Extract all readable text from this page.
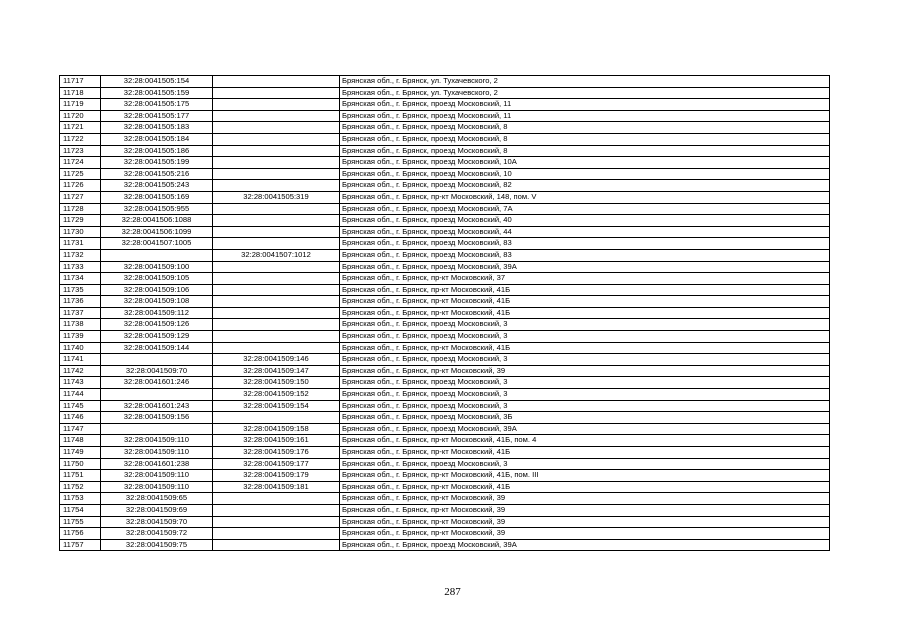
11717	32:28:0041505:154		Брянская обл., г. Брянск, ул. Тухачевского, 2
11718	32:28:0041505:159		Брянская обл., г. Брянск, ул. Тухачевского, 2
11719	32:28:0041505:175		Брянская обл., г. Брянск, проезд Московский, 11
11720	32:28:0041505:177		Брянская обл., г. Брянск, проезд Московский, 11
11721	32:28:0041505:183		Брянская обл., г. Брянск, проезд Московский, 8
11722	32:28:0041505:184		Брянская обл., г. Брянск, проезд Московский, 8
11723	32:28:0041505:186		Брянская обл., г. Брянск, проезд Московский, 8
11724	32:28:0041505:199		Брянская обл., г. Брянск, проезд Московский, 10А
11725	32:28:0041505:216		Брянская обл., г. Брянск, проезд Московский, 10
11726	32:28:0041505:243		Брянская обл., г. Брянск, проезд Московский, 82
11727	32:28:0041505:169	32:28:0041505:319	Брянская обл., г. Брянск, пр-кт Московский, 148, пом. V
11728	32:28:0041505:955		Брянская обл., г. Брянск, проезд Московский, 7А
11729	32:28:0041506:1088		Брянская обл., г. Брянск, проезд Московский, 40
11730	32:28:0041506:1099		Брянская обл., г. Брянск, проезд Московский, 44
11731	32:28:0041507:1005		Брянская обл., г. Брянск, проезд Московский, 83
11732		32:28:0041507:1012	Брянская обл., г. Брянск, проезд Московский, 83
11733	32:28:0041509:100		Брянская обл., г. Брянск, проезд Московский, 39А
11734	32:28:0041509:105		Брянская обл., г. Брянск, пр-кт Московский, 37
11735	32:28:0041509:106		Брянская обл., г. Брянск, пр-кт Московский, 41Б
11736	32:28:0041509:108		Брянская обл., г. Брянск, пр-кт Московский, 41Б
11737	32:28:0041509:112		Брянская обл., г. Брянск, пр-кт Московский, 41Б
11738	32:28:0041509:126		Брянская обл., г. Брянск, проезд Московский, 3
11739	32:28:0041509:129		Брянская обл., г. Брянск, проезд Московский, 3
11740	32:28:0041509:144		Брянская обл., г. Брянск, пр-кт Московский, 41Б
11741		32:28:0041509:146	Брянская обл., г. Брянск, проезд Московский, 3
11742	32:28:0041509:70	32:28:0041509:147	Брянская обл., г. Брянск, пр-кт Московский, 39
11743	32:28:0041601:246	32:28:0041509:150	Брянская обл., г. Брянск, проезд Московский, 3
11744		32:28:0041509:152	Брянская обл., г. Брянск, проезд Московский, 3
11745	32:28:0041601:243	32:28:0041509:154	Брянская обл., г. Брянск, проезд Московский, 3
11746	32:28:0041509:156		Брянская обл., г. Брянск, проезд Московский, 3Б
11747		32:28:0041509:158	Брянская обл., г. Брянск, проезд Московский, 39А
11748	32:28:0041509:110	32:28:0041509:161	Брянская обл., г. Брянск, пр-кт Московский, 41Б, пом. 4
11749	32:28:0041509:110	32:28:0041509:176	Брянская обл., г. Брянск, пр-кт Московский, 41Б
11750	32:28:0041601:238	32:28:0041509:177	Брянская обл., г. Брянск, проезд Московский, 3
11751	32:28:0041509:110	32:28:0041509:179	Брянская обл., г. Брянск, пр-кт Московский, 41Б, пом. III
11752	32:28:0041509:110	32:28:0041509:181	Брянская обл., г. Брянск, пр-кт Московский, 41Б
11753	32:28:0041509:65		Брянская обл., г. Брянск, пр-кт Московский, 39
11754	32:28:0041509:69		Брянская обл., г. Брянск, пр-кт Московский, 39
11755	32:28:0041509:70		Брянская обл., г. Брянск, пр-кт Московский, 39
11756	32:28:0041509:72		Брянская обл., г. Брянск, пр-кт Московский, 39
11757	32:28:0041509:75		Брянская обл., г. Брянск, проезд Московский, 39А
287
